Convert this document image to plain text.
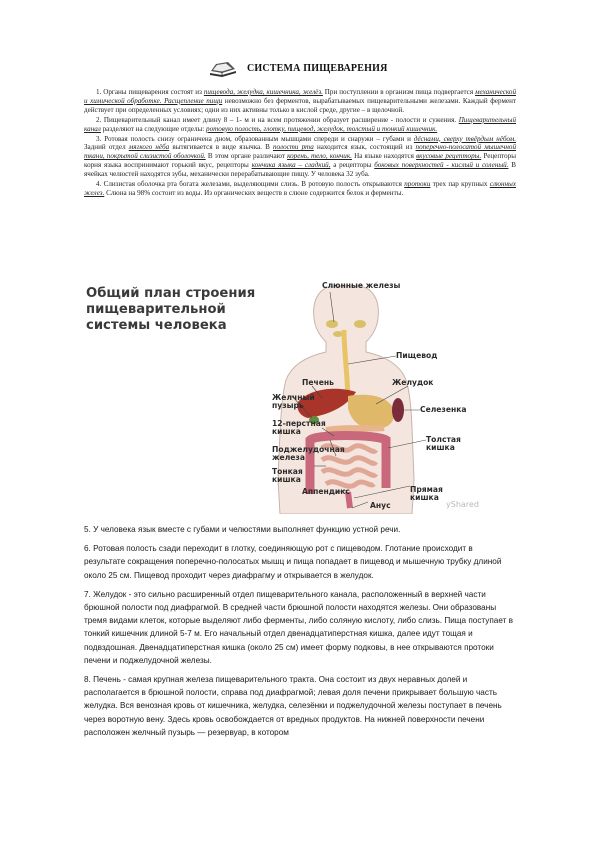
СИСТЕМА ПИЩЕВАРЕНИЯ

1. Органы пищеварения состоят из пищевода, желудка, кишечника, желёз. При поступлении в организм пища подвергается механической и химической обработке. Расщепление пищи невозможно без ферментов, вырабатываемых пищеварительными железами. Каждый фермент действует при определенных условиях; одни из них активны только в кислой среде, другие – в щелочной.

2. Пищеварительный канал имеет длину 8 – 1- м и на всем протяжении образует расширение - полости и сужения. Пищеварительный канал разделяют на следующие отделы: ротовую полость, глотку, пищевод, желудок, толстый и тонкий кишечник.

3. Ротовая полость снизу ограничена дном, образованным мышцами спереди и снаружи – губами и дёснами, сверху твёрдым нёбом. Задний отдел мягкого нёба вытягивается в виде язычка. В полости рта находится язык, состоящий из поперечно-полосатой мышечной ткани, покрытой слизистой оболочкой. В этом органе различают корень, тело, кончик. На языке находятся вкусовые рецепторы. Рецепторы корня языка воспринимают горький вкус, рецепторы кончика языка – сладкий, а рецепторы боковых поверхностей - кислый и соленый. В ячейках челюстей находятся зубы, механически перерабатывающие пищу. У человека 32 зуба.

4. Слизистая оболочка рта богата железами, выделяющими слизь. В ротовую полость открываются протоки трех пар крупных слюнных желез. Слюна на 98% состоит из воды. Из органических веществ в слюне содержится белок и ферменты.

Общий план строения
пищеварительной
системы человека
Слюнные железы
Пищевод
Печень	Желудок
Желчный
пузырь	Селезенка
12-перстная
кишка
Толстая
кишка
Поджелудочная
железа
Тонкая
кишка
Аппендикс	Прямая
кишка
Анус	yShared

5. У человека язык вместе с губами и челюстями выполняет функцию устной речи.

6. Ротовая полость сзади переходит в глотку, соединяющую рот с пищеводом. Глотание происходит в результате сокращения поперечно-полосатых мышц и пища попадает в пищевод и мышечную трубку длиной около 25 см. Пищевод проходит через диафрагму и открывается в желудок.

7. Желудок - это сильно расширенный отдел пищеварительного канала, расположенный в верхней части брюшной полости под диафрагмой. В средней части брюшной полости находятся железы. Они образованы тремя видами клеток, которые выделяют либо ферменты, либо соляную кислоту, либо слизь. Пища поступает в тонкий кишечник длиной 5-7 м. Его начальный отдел двенадцатиперстная кишка, далее идут тощая и подвздошная. Двенадцатиперстная кишка (около 25 см) имеет форму подковы, в нее открываются протоки печени и поджелудочной железы.

8. Печень - самая крупная железа пищеварительного тракта. Она состоит из двух неравных долей и располагается в брюшной полости, справа под диафрагмой; левая доля печени прикрывает большую часть желудка. Вся венозная кровь от кишечника, желудка, селезёнки и поджелудочной железы поступает в печень через воротную вену. Здесь кровь освобождается от вредных продуктов. На нижней поверхности печени расположен желчный пузырь — резервуар, в котором
